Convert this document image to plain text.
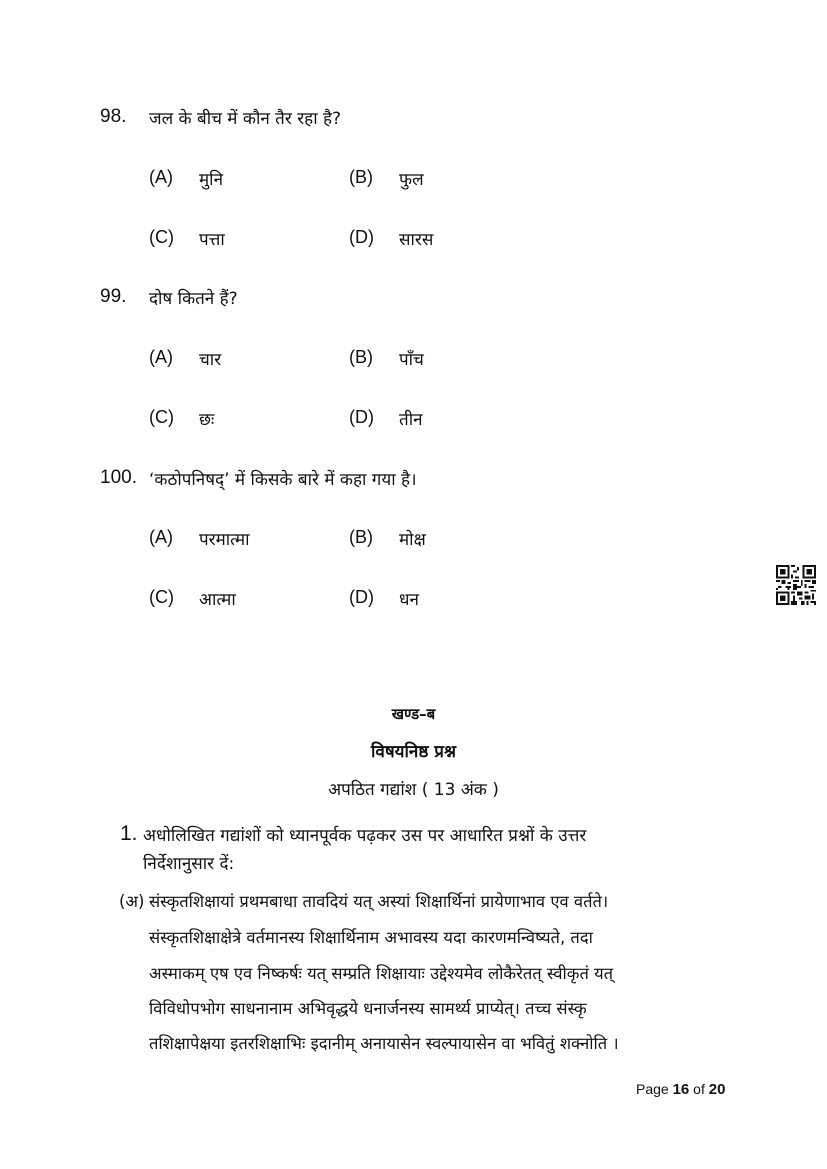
98. जल के बीच में कौन तैर रहा है?
(A) मुनि	(B) फुल
(C) पत्ता	(D) सारस
99. दोष कितने हैं?
(A) चार	(B) पाँच
(C) छः	(D) तीन
100. ‘कठोपनिषद्’ में किसके बारे में कहा गया है।
(A) परमात्मा	(B) मोक्ष
(C) आत्मा	(D) धन
खण्ड–ब
विषयनिष्ठ प्रश्न
अपठित गद्यांश ( 13 अंक )
1. अधोलिखित गद्यांशों को ध्यानपूर्वक पढ़कर उस पर आधारित प्रश्नों के उत्तर
निर्देशानुसार दें:
(अ) संस्कृतशिक्षायां प्रथमबाधा तावदियं यत् अस्यां शिक्षार्थिनां प्रायेणाभाव एव वर्तते।
संस्कृतशिक्षाक्षेत्रे वर्तमानस्य शिक्षार्थिनाम अभावस्य यदा कारणमन्विष्यते, तदा
अस्माकम् एष एव निष्कर्षः यत् सम्प्रति शिक्षायाः उद्देश्यमेव लोकैरेतत् स्वीकृतं यत्
विविधोपभोग साधनानाम अभिवृद्धये धनार्जनस्य सामर्थ्य प्राप्येत्। तच्च संस्कृ
तशिक्षापेक्षया इतरशिक्षाभिः इदानीम् अनायासेन स्वल्पायासेन वा भवितुं शक्नोति ।
Page 16 of 20
